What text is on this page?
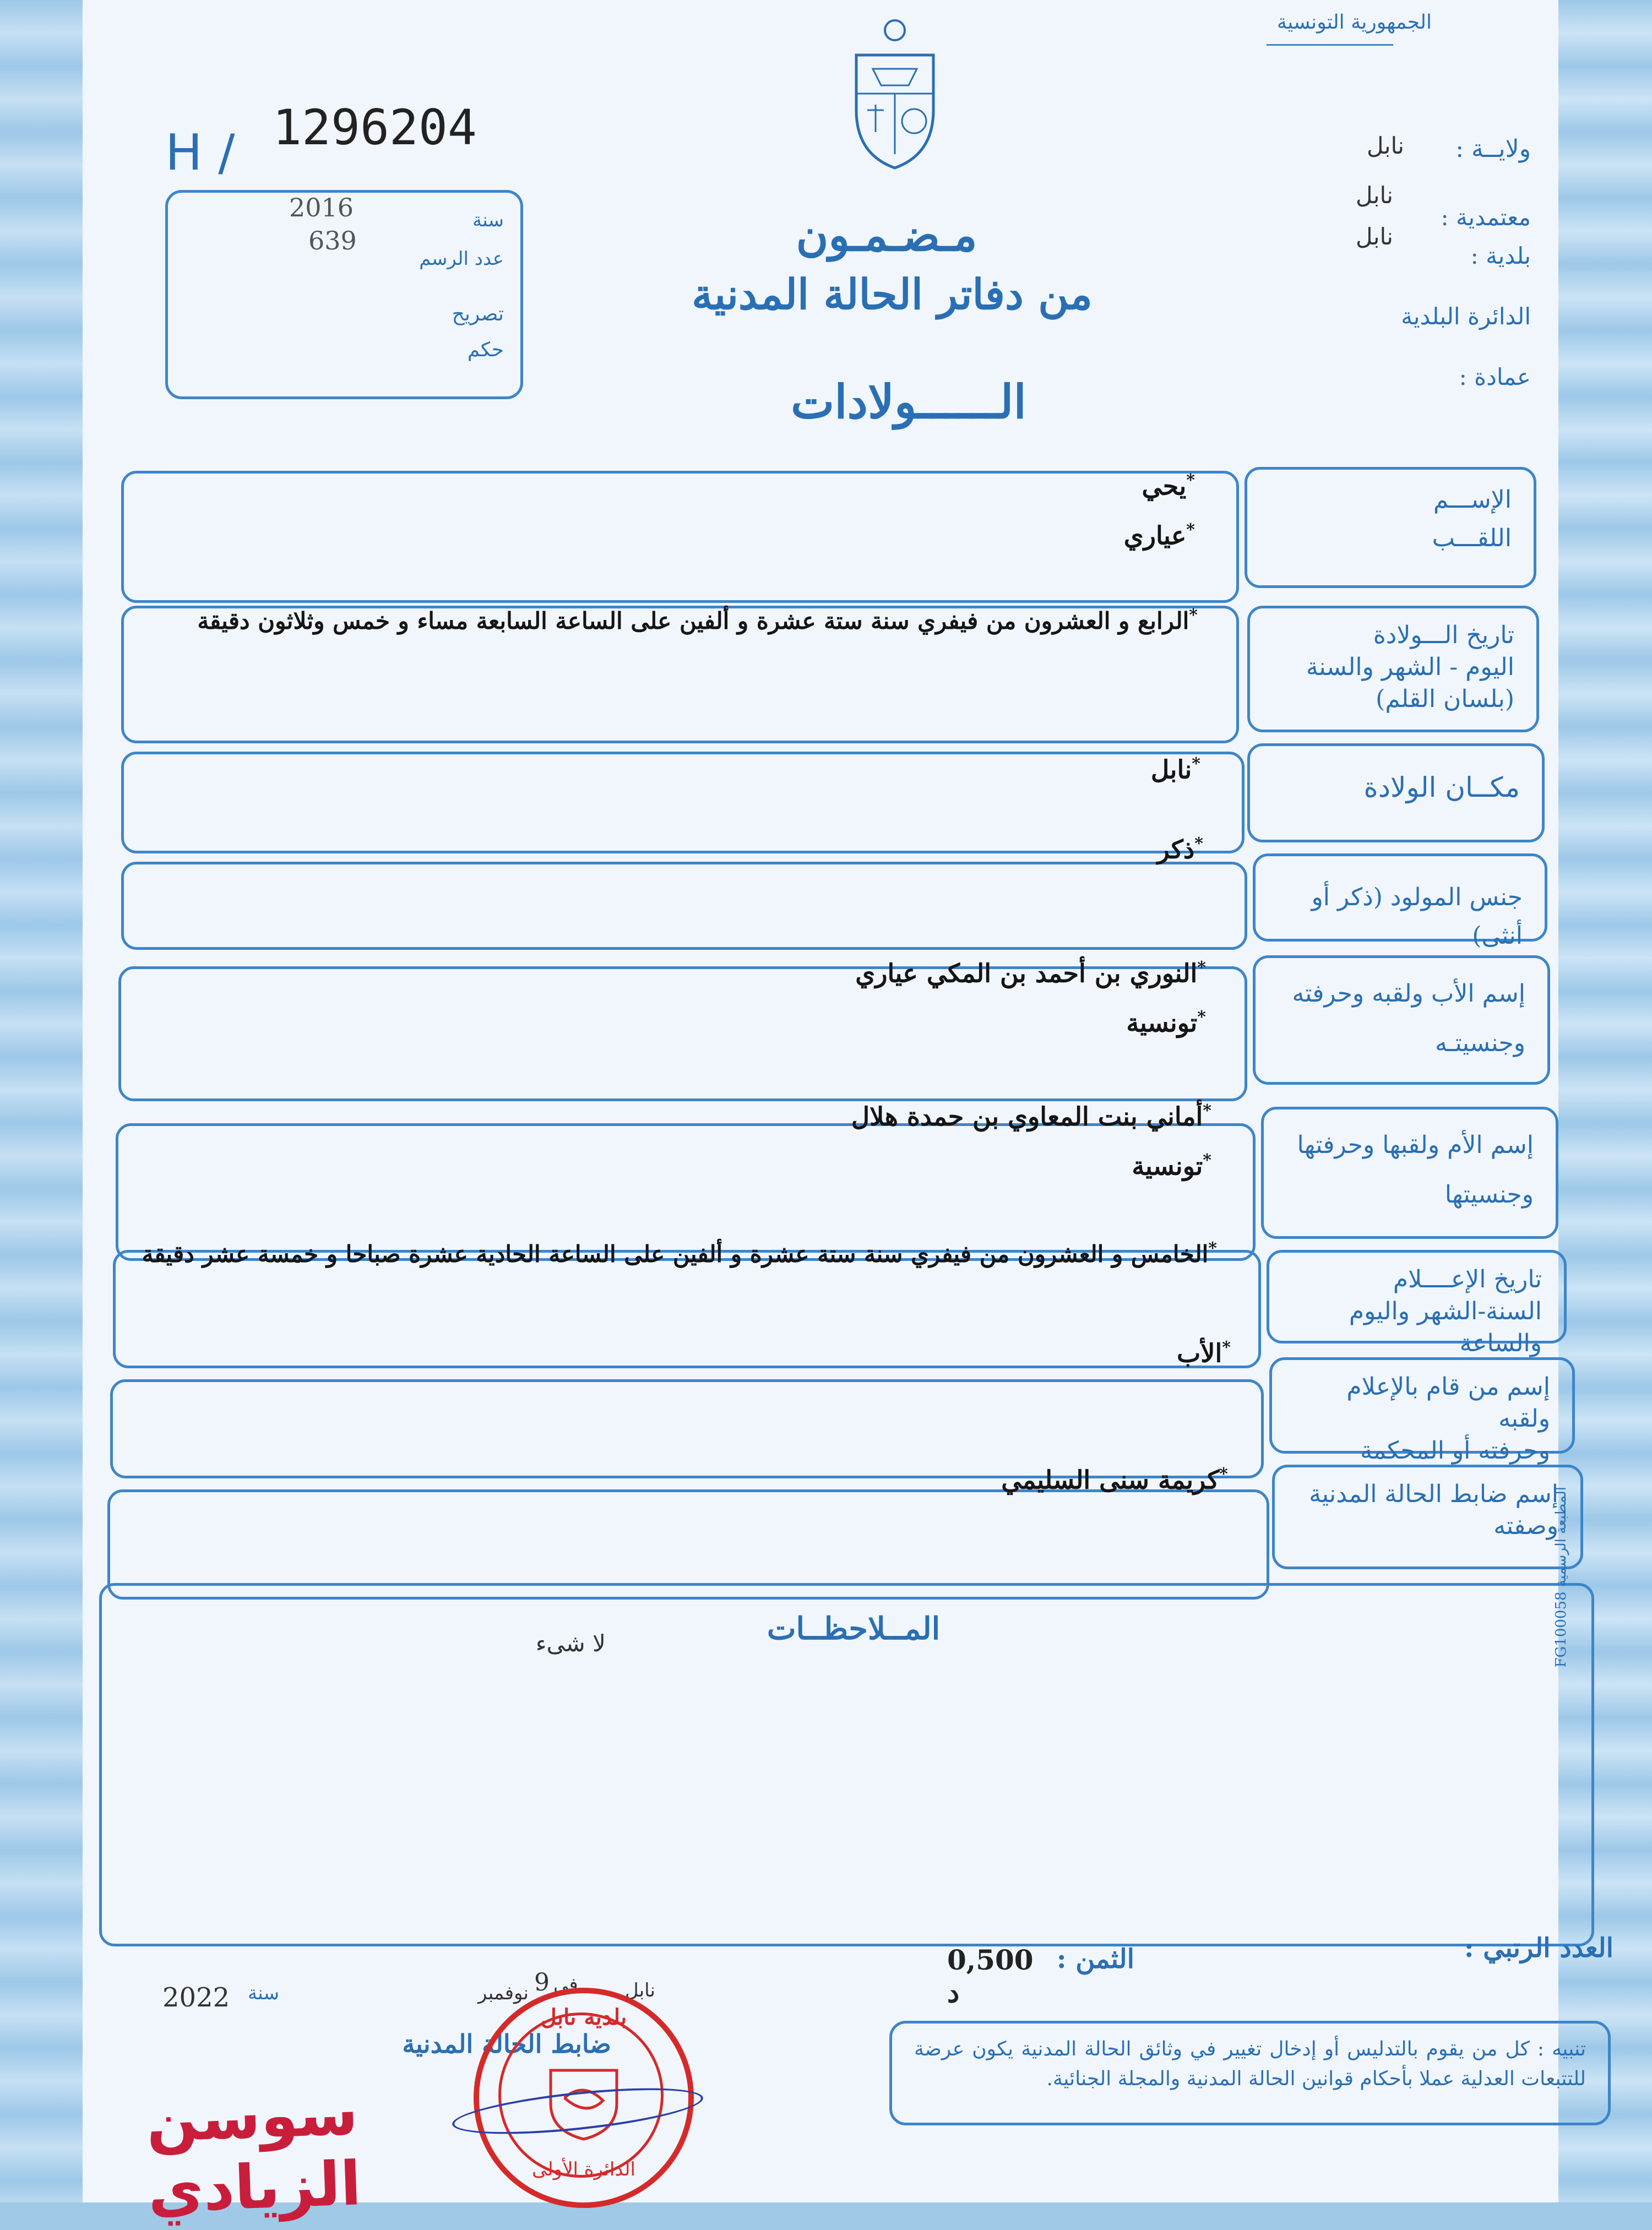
الجمهورية التونسية
H / 1296204
سنة
2016
عدد الرسم
639
تصريح
حكم
مـضـمـون
من دفاتر الحالة المدنية
الــــــولادات
ولايــة :
نابل
معتمدية :
نابل
بلدية :
نابل
الدائرة البلدية
عمادة :
الإســـم
اللقـــب
*يحي
*عياري
تاريخ الـــولادة
اليوم - الشهر والسنة
(بلسان القلم)
*الرابع و العشرون من فيفري سنة ستة عشرة و ألفين على الساعة السابعة مساء و خمس وثلاثون دقيقة
مكــان الولادة
*نابل
جنس المولود (ذكر أو أنثى)
*ذكر
إسم الأب ولقبه وحرفته
وجنسيتـه
*النوري بن أحمد بن المكي عياري
*تونسية
إسم الأم ولقبها وحرفتها
وجنسيتها
*أماني بنت المعاوي بن حمدة هلال
*تونسية
تاريخ الإعــــلام
السنة-الشهر واليوم والساعة
*الخامس و العشرون من فيفري سنة ستة عشرة و ألفين على الساعة الحادية عشرة صباحا و خمسة عشر دقيقة
إسم من قام بالإعلام ولقبه
وحرفته أو المحكمة
*الأب
إسم ضابط الحالة المدنية
وصفته
*كريمة سنى السليمي
المــلاحظــات
لا شىء	المطبعة الرسمية FG100058
العدد الرتبي :
الثمن :
0,500 د
نابل
في
9
نوفمبر
سنة
2022
ضابط الحالة المدنية
بلدية نابل
الدائرة الأولى
سوسن الزيادي
تنبيه : كل من يقوم بالتدليس أو إدخال تغيير في وثائق الحالة المدنية يكون عرضة للتتبعات العدلية عملا بأحكام قوانين الحالة المدنية والمجلة الجنائية.
